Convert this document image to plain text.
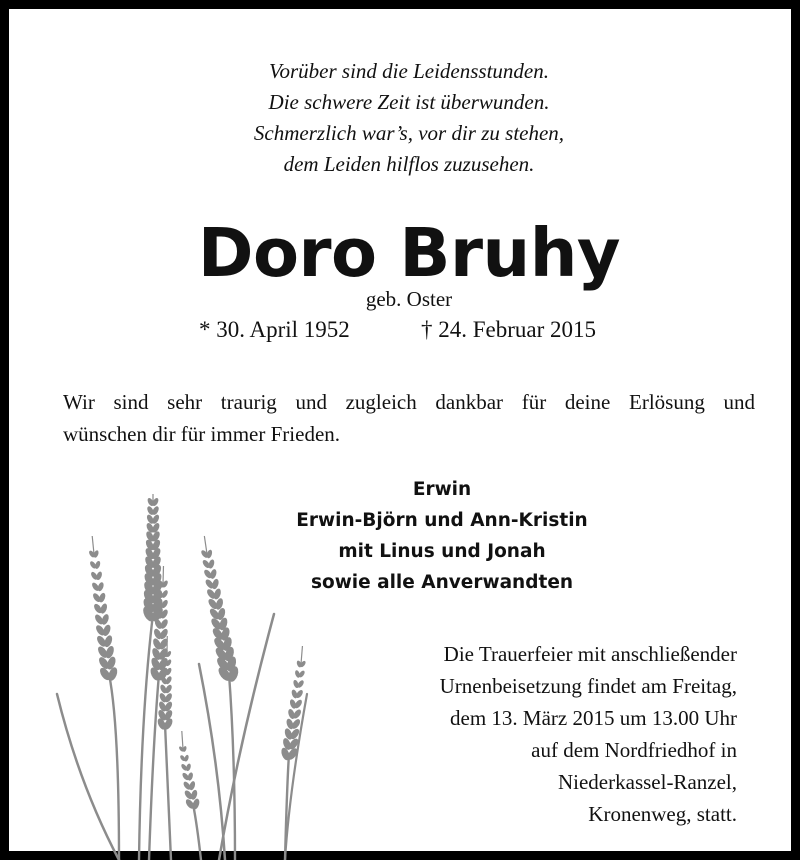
Vorüber sind die Leidensstunden.
Die schwere Zeit ist überwunden.
Schmerzlich war’s, vor dir zu stehen,
dem Leiden hilflos zuzusehen.
Doro Bruhy
geb. Oster
* 30. April 1952	† 24. Februar 2015
Wir sind sehr traurig und zugleich dankbar für deine Erlösung und
wünschen dir für immer Frieden.
Erwin
Erwin-Björn und Ann-Kristin
mit Linus und Jonah
sowie alle Anverwandten
Die Trauerfeier mit anschließender
Urnenbeisetzung findet am Freitag,
dem 13. März 2015 um 13.00 Uhr
auf dem Nordfriedhof in
Niederkassel-Ranzel,
Kronenweg, statt.
